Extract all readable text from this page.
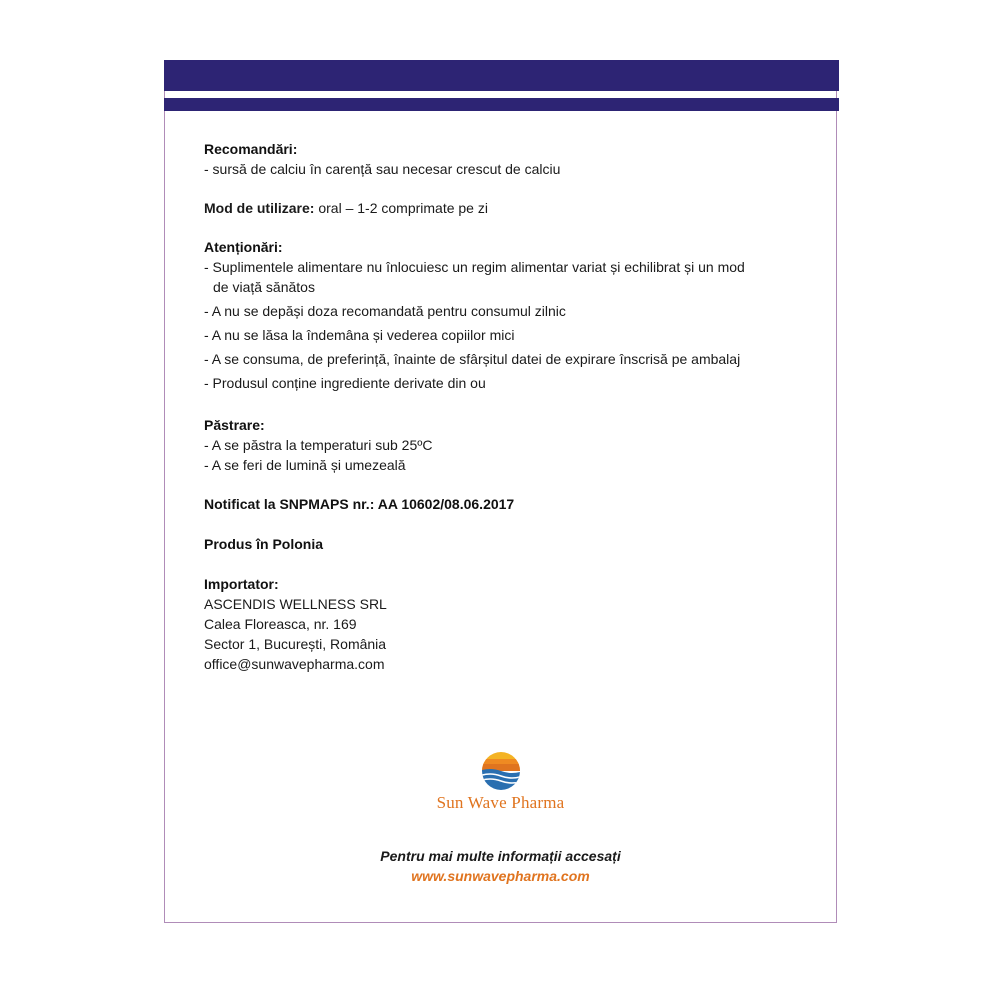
Recomandări:
- sursă de calciu în carență sau necesar crescut de calciu
Mod de utilizare: oral – 1-2 comprimate pe zi
Atenționări:
- Suplimentele alimentare nu înlocuiesc un regim alimentar variat și echilibrat și un mod
de viață sănătos
- A nu se depăși doza recomandată pentru consumul zilnic
- A nu se lăsa la îndemâna și vederea copiilor mici
- A se consuma, de preferință, înainte de sfârșitul datei de expirare înscrisă pe ambalaj
- Produsul conține ingrediente derivate din ou
Păstrare:
- A se păstra la temperaturi sub 25ºC
- A se feri de lumină și umezeală
Notificat la SNPMAPS nr.: AA 10602/08.06.2017
Produs în Polonia
Importator:
ASCENDIS WELLNESS SRL
Calea Floreasca, nr. 169
Sector 1, București, România
office@sunwavepharma.com
Sun Wave Pharma
Pentru mai multe informații accesați
www.sunwavepharma.com
